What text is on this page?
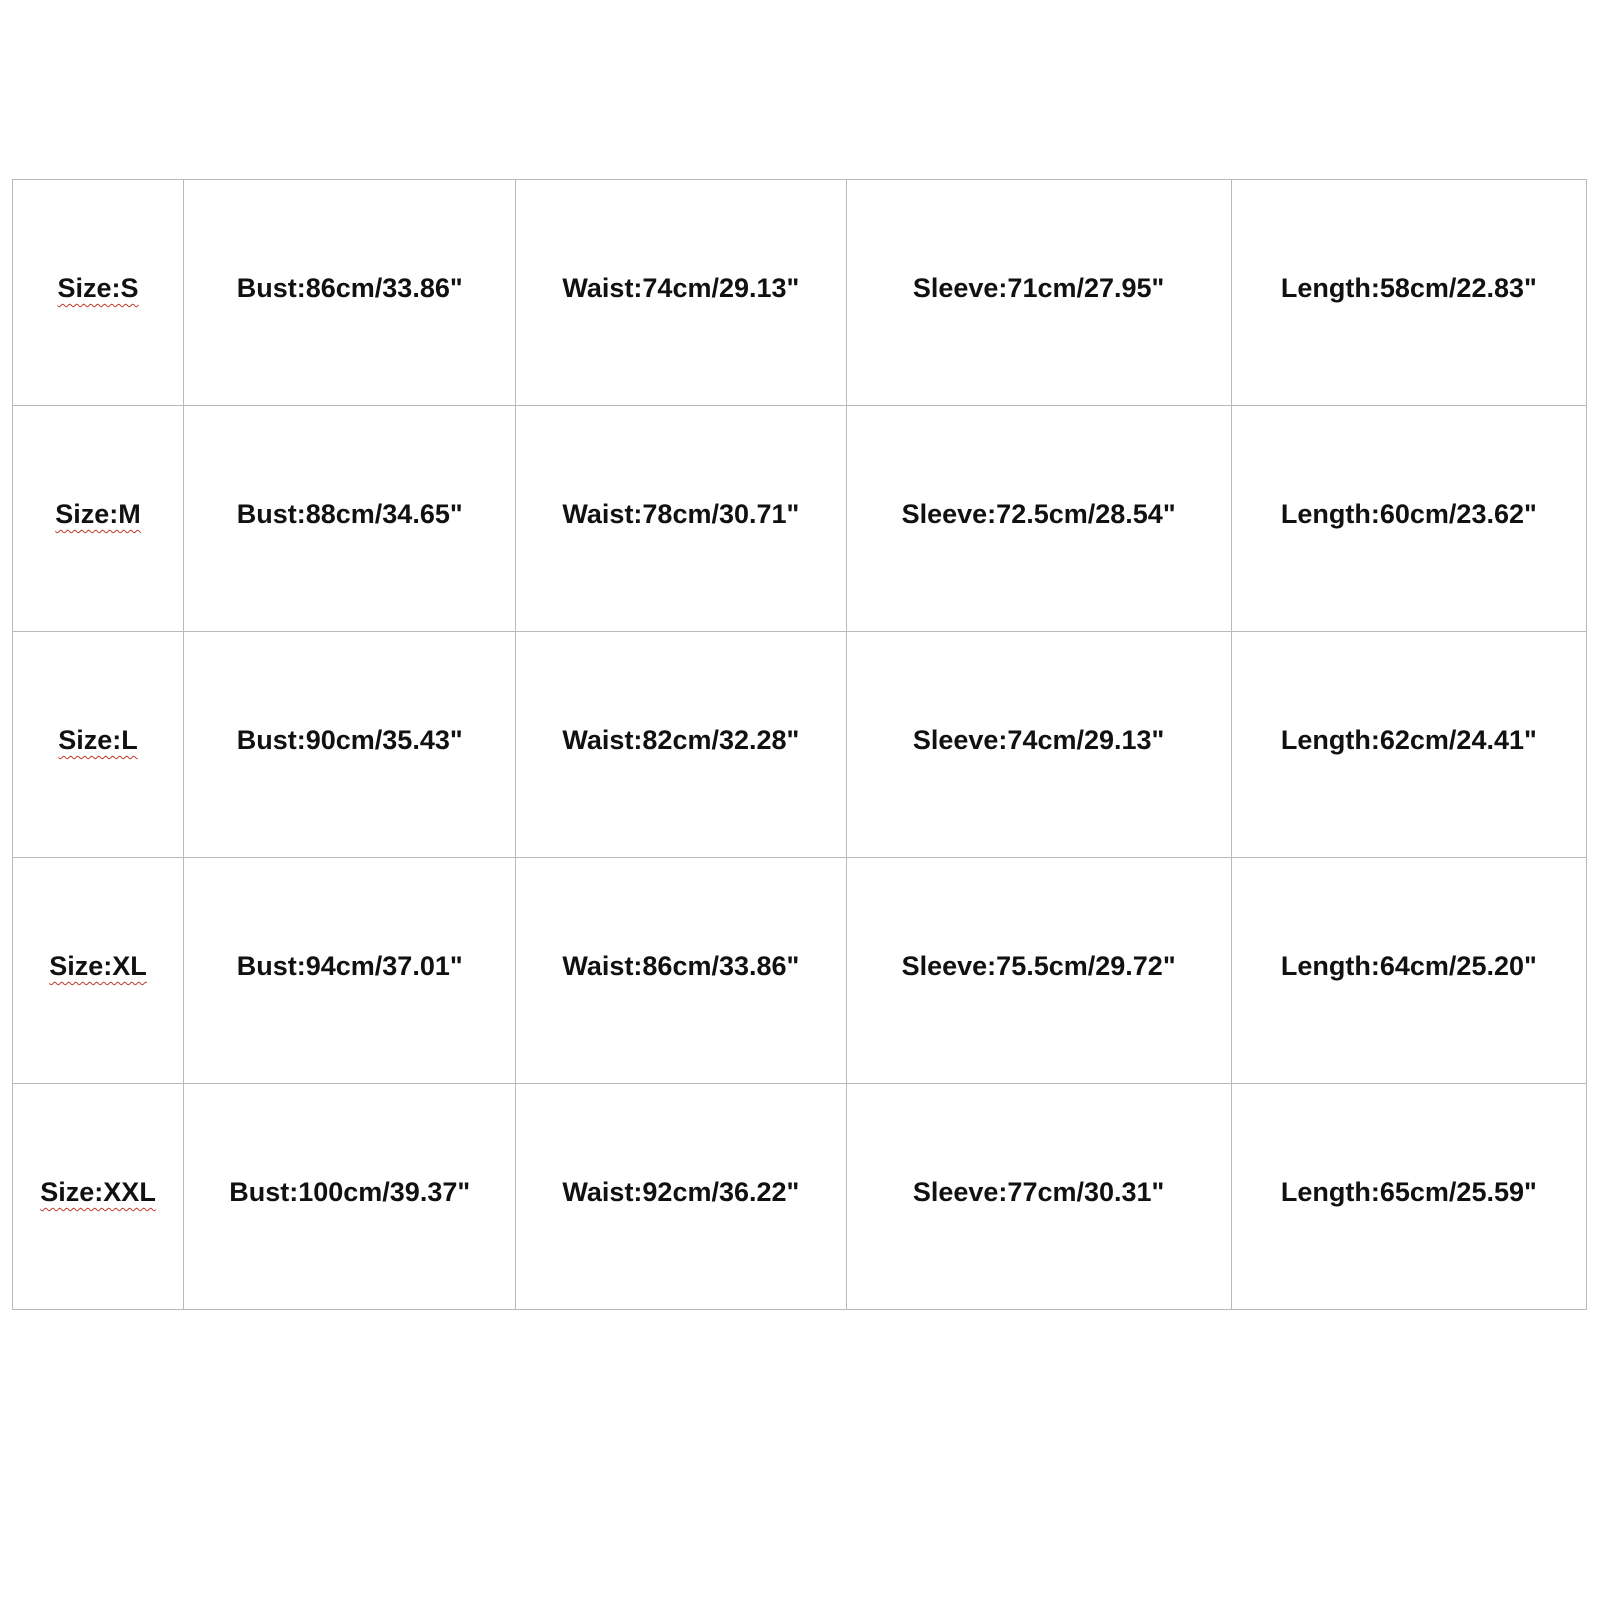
Size:S	Bust:86cm/33.86"	Waist:74cm/29.13"	Sleeve:71cm/27.95"	Length:58cm/22.83"
Size:M	Bust:88cm/34.65"	Waist:78cm/30.71"	Sleeve:72.5cm/28.54"	Length:60cm/23.62"
Size:L	Bust:90cm/35.43"	Waist:82cm/32.28"	Sleeve:74cm/29.13"	Length:62cm/24.41"
Size:XL	Bust:94cm/37.01"	Waist:86cm/33.86"	Sleeve:75.5cm/29.72"	Length:64cm/25.20"
Size:XXL	Bust:100cm/39.37"	Waist:92cm/36.22"	Sleeve:77cm/30.31"	Length:65cm/25.59"
